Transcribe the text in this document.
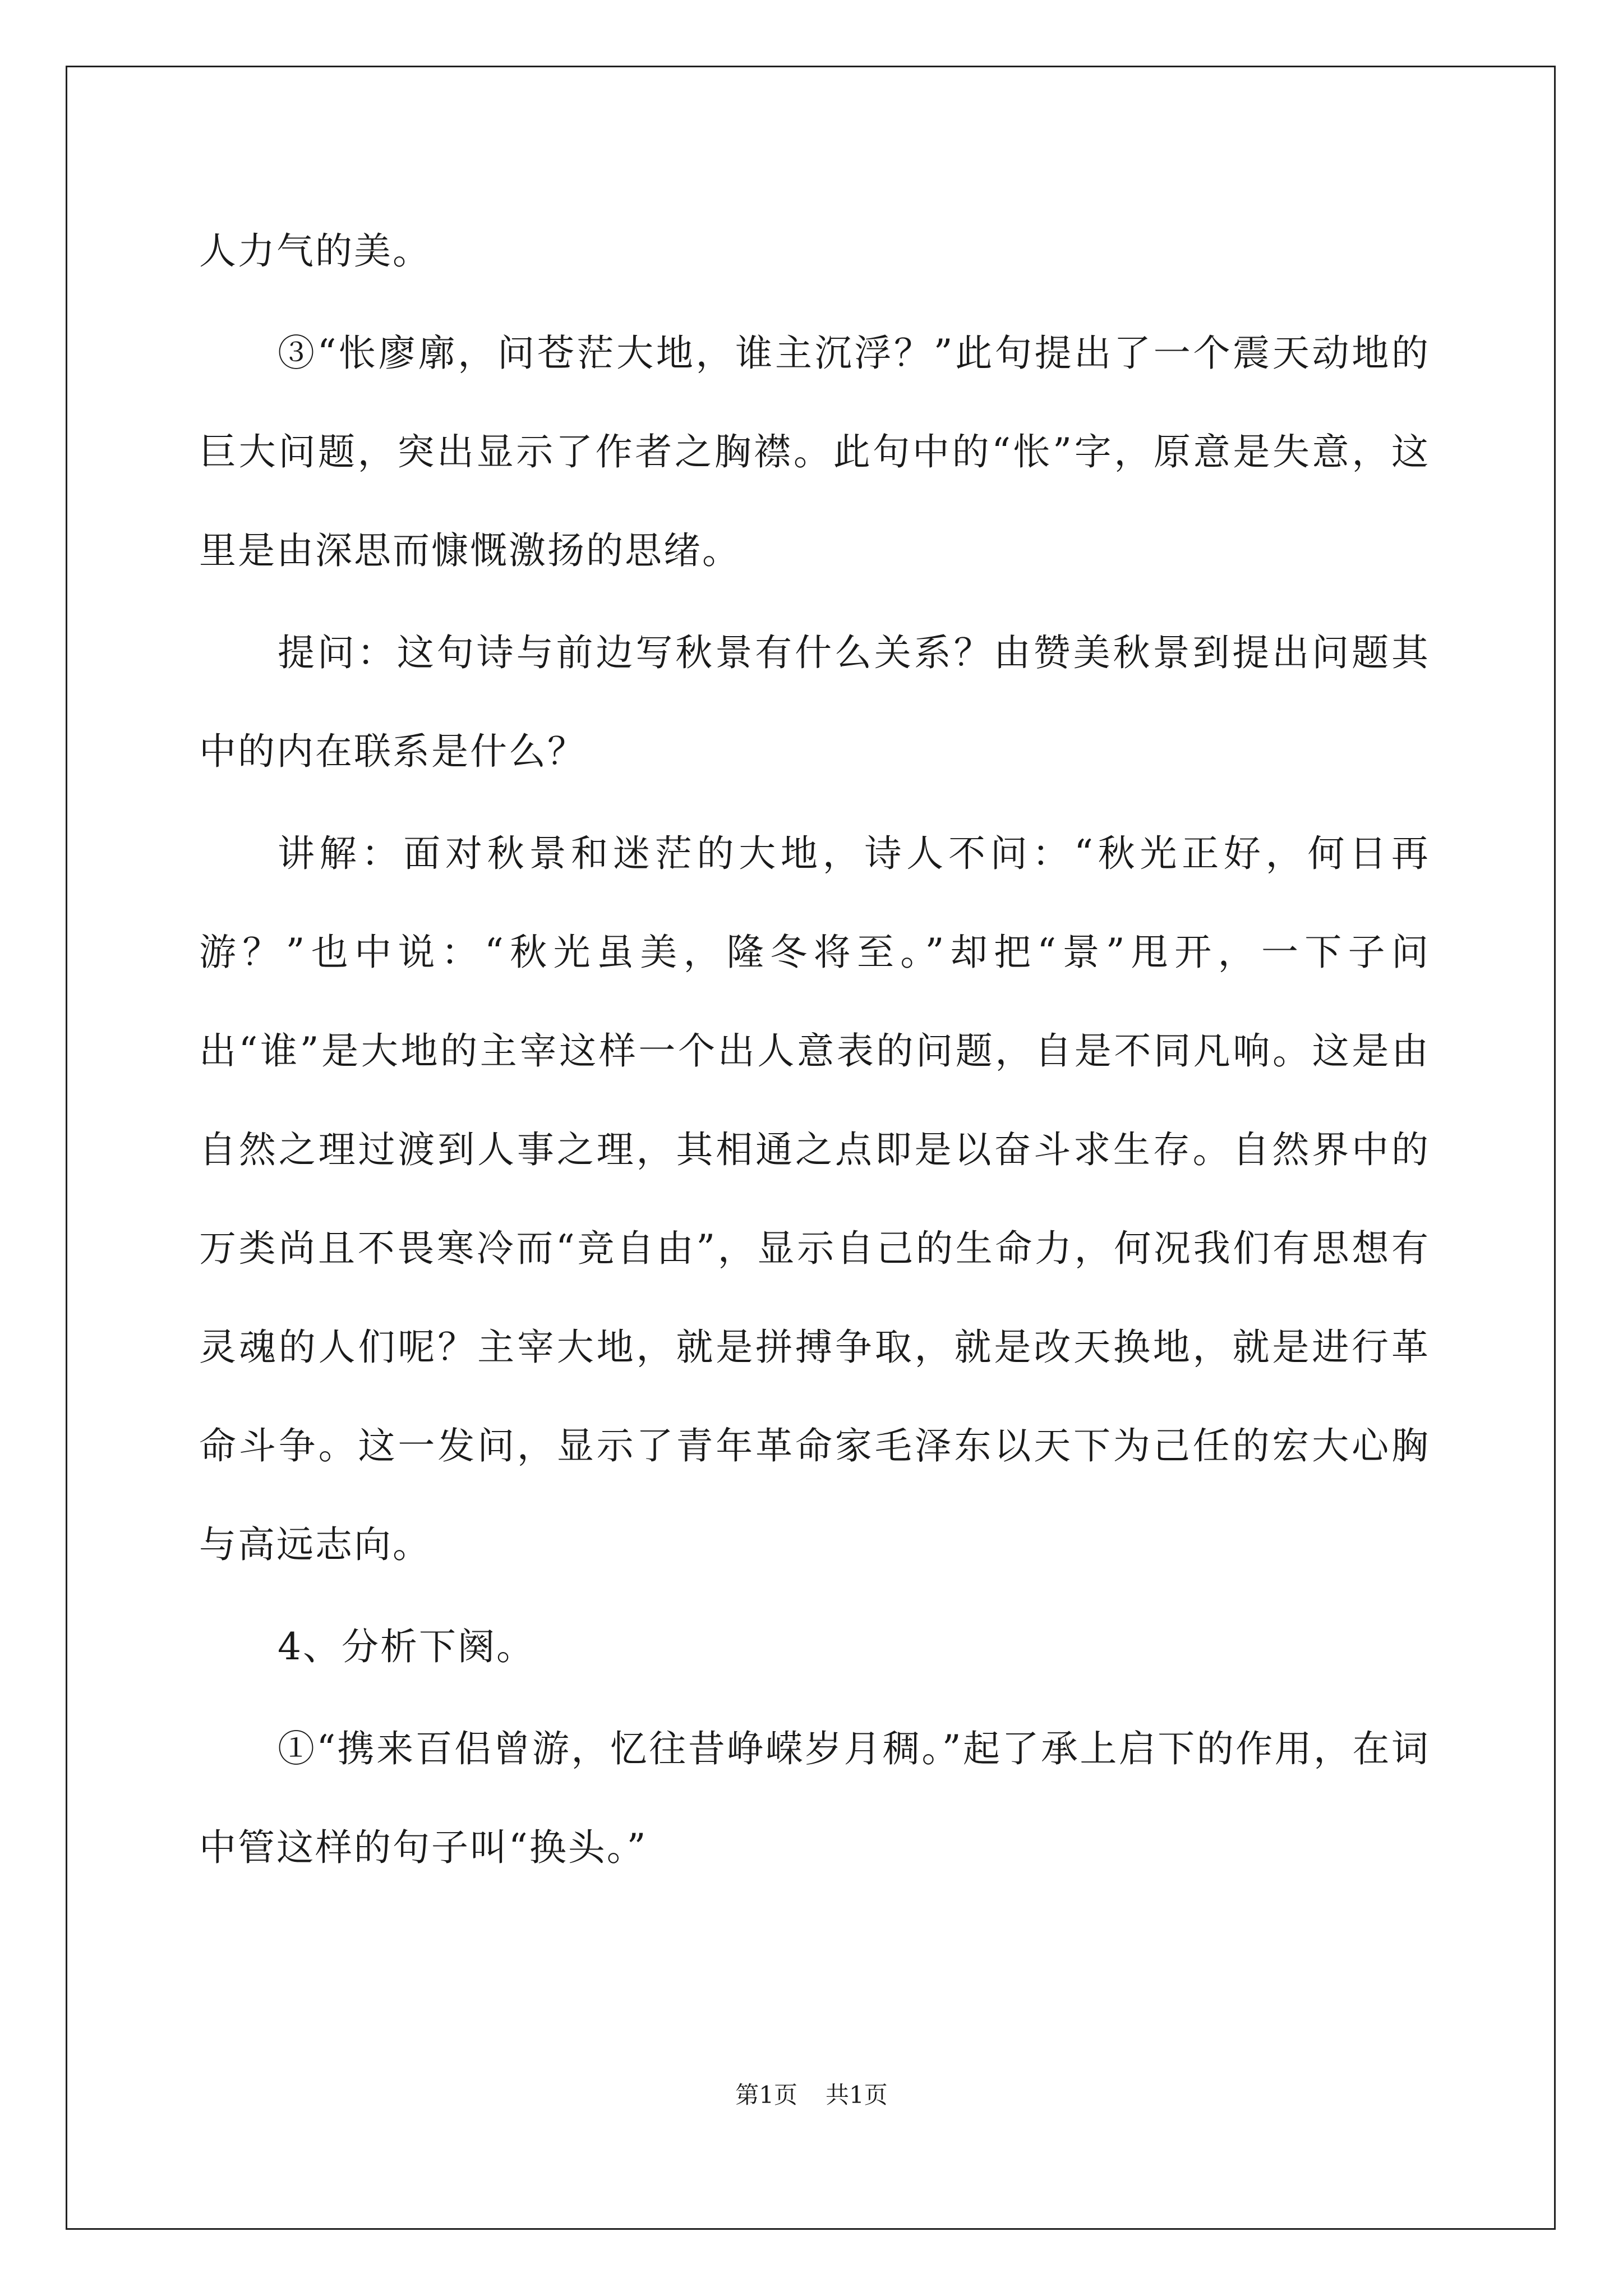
人力气的美。

③“怅廖廓，问苍茫大地，谁主沉浮？”此句提出了一个震天动地的巨大问题，突出显示了作者之胸襟。此句中的“怅”字，原意是失意，这里是由深思而慷慨激扬的思绪。

提问：这句诗与前边写秋景有什么关系？由赞美秋景到提出问题其中的内在联系是什么？

讲解：面对秋景和迷茫的大地，诗人不问：“秋光正好，何日再游？”也中说：“秋光虽美，隆冬将至。”却把“景”甩开，一下子问出“谁”是大地的主宰这样一个出人意表的问题，自是不同凡响。这是由自然之理过渡到人事之理，其相通之点即是以奋斗求生存。自然界中的万类尚且不畏寒冷而“竞自由”，显示自己的生命力，何况我们有思想有灵魂的人们呢？主宰大地，就是拼搏争取，就是改天换地，就是进行革命斗争。这一发问，显示了青年革命家毛泽东以天下为己任的宏大心胸与高远志向。

4、分析下阕。

①“携来百侣曾游，忆往昔峥嵘岁月稠。”起了承上启下的作用，在词中管这样的句子叫“换头。”

第1页 共1页
